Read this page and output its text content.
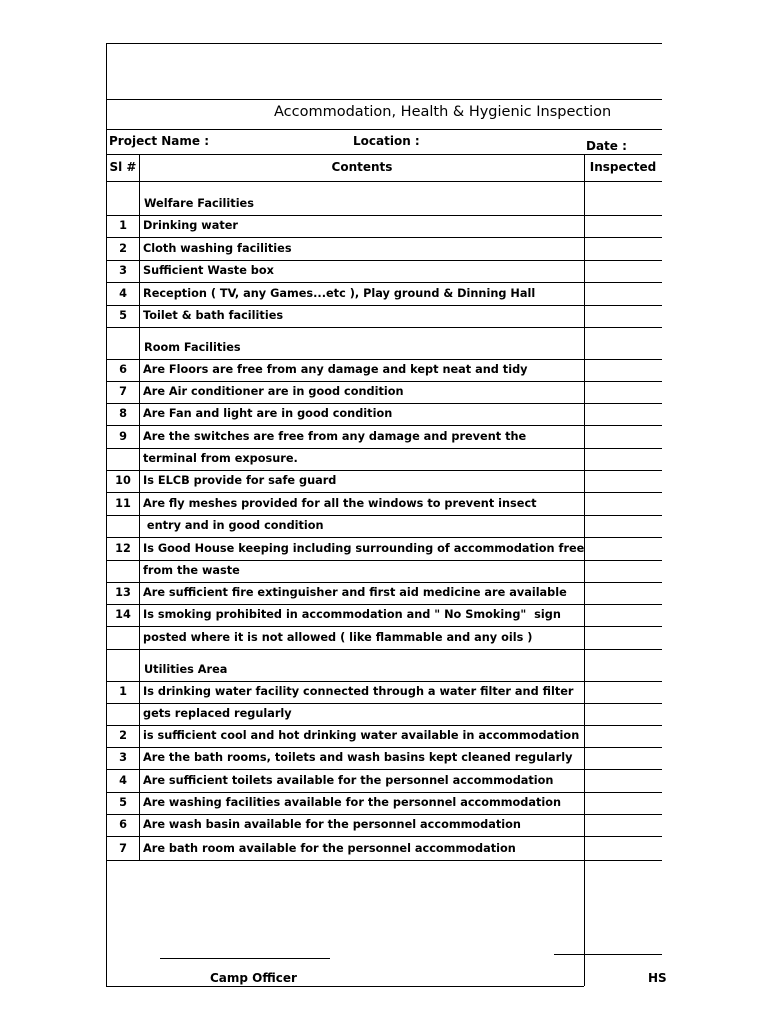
Accommodation, Health & Hygienic Inspection
Project Name :	Location :	Date :
Sl #	Contents	Inspected
Welfare Facilities
1	Drinking water
2	Cloth washing facilities
3	Sufficient Waste box
4	Reception ( TV, any Games...etc ), Play ground & Dinning Hall
5	Toilet & bath facilities
Room Facilities
6	Are Floors are free from any damage and kept neat and tidy
7	Are Air conditioner are in good condition
8	Are Fan and light are in good condition
9	Are the switches are free from any damage and prevent the
terminal from exposure.
10	Is ELCB provide for safe guard
11	Are fly meshes provided for all the windows to prevent insect
entry and in good condition
12	Is Good House keeping including surrounding of accommodation free
from the waste
13	Are sufficient fire extinguisher and first aid medicine are available
14	Is smoking prohibited in accommodation and " No Smoking"  sign
posted where it is not allowed ( like flammable and any oils )
Utilities Area
1	Is drinking water facility connected through a water filter and filter
gets replaced regularly
2	is sufficient cool and hot drinking water available in accommodation
3	Are the bath rooms, toilets and wash basins kept cleaned regularly
4	Are sufficient toilets available for the personnel accommodation
5	Are washing facilities available for the personnel accommodation
6	Are wash basin available for the personnel accommodation
7	Are bath room available for the personnel accommodation
Camp Officer	HS
